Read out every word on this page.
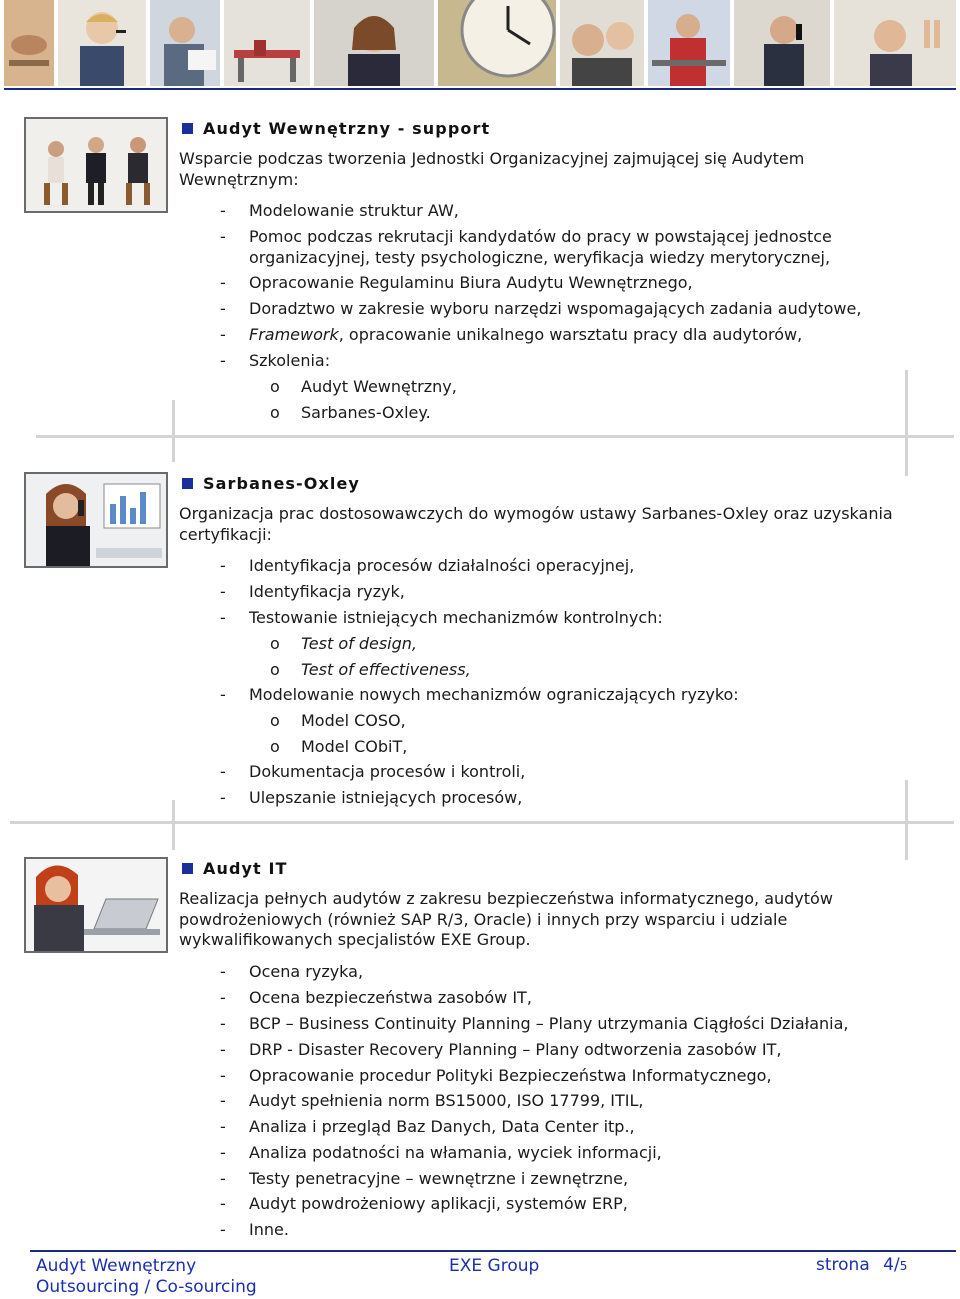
Audyt Wewnętrzny - support
Wsparcie podczas tworzenia Jednostki Organizacyjnej zajmującej się Audytem Wewnętrznym:
- Modelowanie struktur AW,
- Pomoc podczas rekrutacji kandydatów do pracy w powstającej jednostce organizacyjnej, testy psychologiczne, weryfikacja wiedzy merytorycznej,
- Opracowanie Regulaminu Biura Audytu Wewnętrznego,
- Doradztwo w zakresie wyboru narzędzi wspomagających zadania audytowe,
- Framework, opracowanie unikalnego warsztatu pracy dla audytorów,
- Szkolenia:
o Audyt Wewnętrzny,
o Sarbanes-Oxley.
Sarbanes-Oxley
Organizacja prac dostosowawczych do wymogów ustawy Sarbanes-Oxley oraz uzyskania certyfikacji:
- Identyfikacja procesów działalności operacyjnej,
- Identyfikacja ryzyk,
- Testowanie istniejących mechanizmów kontrolnych:
o Test of design,
o Test of effectiveness,
- Modelowanie nowych mechanizmów ograniczających ryzyko:
o Model COSO,
o Model CObiT,
- Dokumentacja procesów i kontroli,
- Ulepszanie istniejących procesów,
Audyt IT
Realizacja pełnych audytów z zakresu bezpieczeństwa informatycznego, audytów powdrożeniowych (również SAP R/3, Oracle) i innych przy wsparciu i udziale wykwalifikowanych specjalistów EXE Group.
- Ocena ryzyka,
- Ocena bezpieczeństwa zasobów IT,
- BCP – Business Continuity Planning – Plany utrzymania Ciągłości Działania,
- DRP - Disaster Recovery Planning – Plany odtworzenia zasobów IT,
- Opracowanie procedur Polityki Bezpieczeństwa Informatycznego,
- Audyt spełnienia norm BS15000, ISO 17799, ITIL,
- Analiza i przegląd Baz Danych, Data Center itp.,
- Analiza podatności na włamania, wyciek informacji,
- Testy penetracyjne – wewnętrzne i zewnętrzne,
- Audyt powdrożeniowy aplikacji, systemów ERP,
- Inne.
Audyt Wewnętrzny
Outsourcing / Co-sourcing
EXE Group	strona 4/5
